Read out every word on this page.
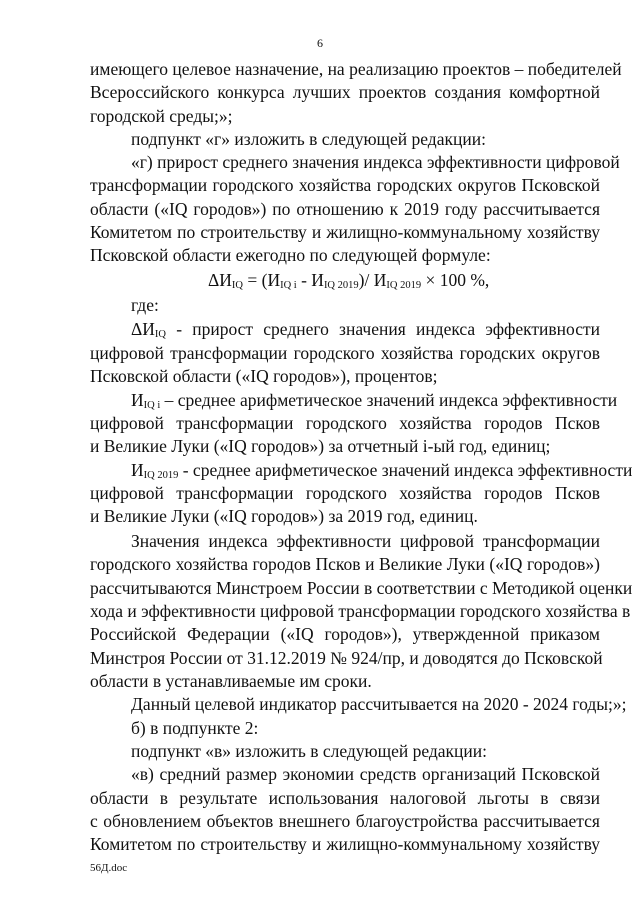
6
имеющего целевое назначение, на реализацию проектов – победителей
Всероссийского конкурса лучших проектов создания комфортной
городской среды;»;
подпункт «г» изложить в следующей редакции:
«г) прирост среднего значения индекса эффективности цифровой
трансформации городского хозяйства городских округов Псковской
области («IQ городов») по отношению к 2019 году рассчитывается
Комитетом по строительству и жилищно-коммунальному хозяйству
Псковской области ежегодно по следующей формуле:
$\Delta И_{IQ} = (И_{IQ i} - И_{IQ 2019})/$ $И_{IQ 2019} \times 100$ %,
где:
$\Delta И_{IQ}$ - прирост среднего значения индекса эффективности
цифровой трансформации городского хозяйства городских округов
Псковской области («IQ городов»), процентов;
$И_{IQ i}$ – среднее арифметическое значений индекса эффективности
цифровой трансформации городского хозяйства городов Псков
и Великие Луки («IQ городов») за отчетный i-ый год, единиц;
$И_{IQ 2019}$ - среднее арифметическое значений индекса эффективности
цифровой трансформации городского хозяйства городов Псков
и Великие Луки («IQ городов») за 2019 год, единиц.
Значения индекса эффективности цифровой трансформации
городского хозяйства городов Псков и Великие Луки («IQ городов»)
рассчитываются Минстроем России в соответствии с Методикой оценки
хода и эффективности цифровой трансформации городского хозяйства в
Российской Федерации («IQ городов»), утвержденной приказом
Минстроя России от 31.12.2019 № 924/пр, и доводятся до Псковской
области в устанавливаемые им сроки.
Данный целевой индикатор рассчитывается на 2020 - 2024 годы;»;
б) в подпункте 2:
подпункт «в» изложить в следующей редакции:
«в) средний размер экономии средств организаций Псковской
области в результате использования налоговой льготы в связи
с обновлением объектов внешнего благоустройства рассчитывается
Комитетом по строительству и жилищно-коммунальному хозяйству
56Д.doc
